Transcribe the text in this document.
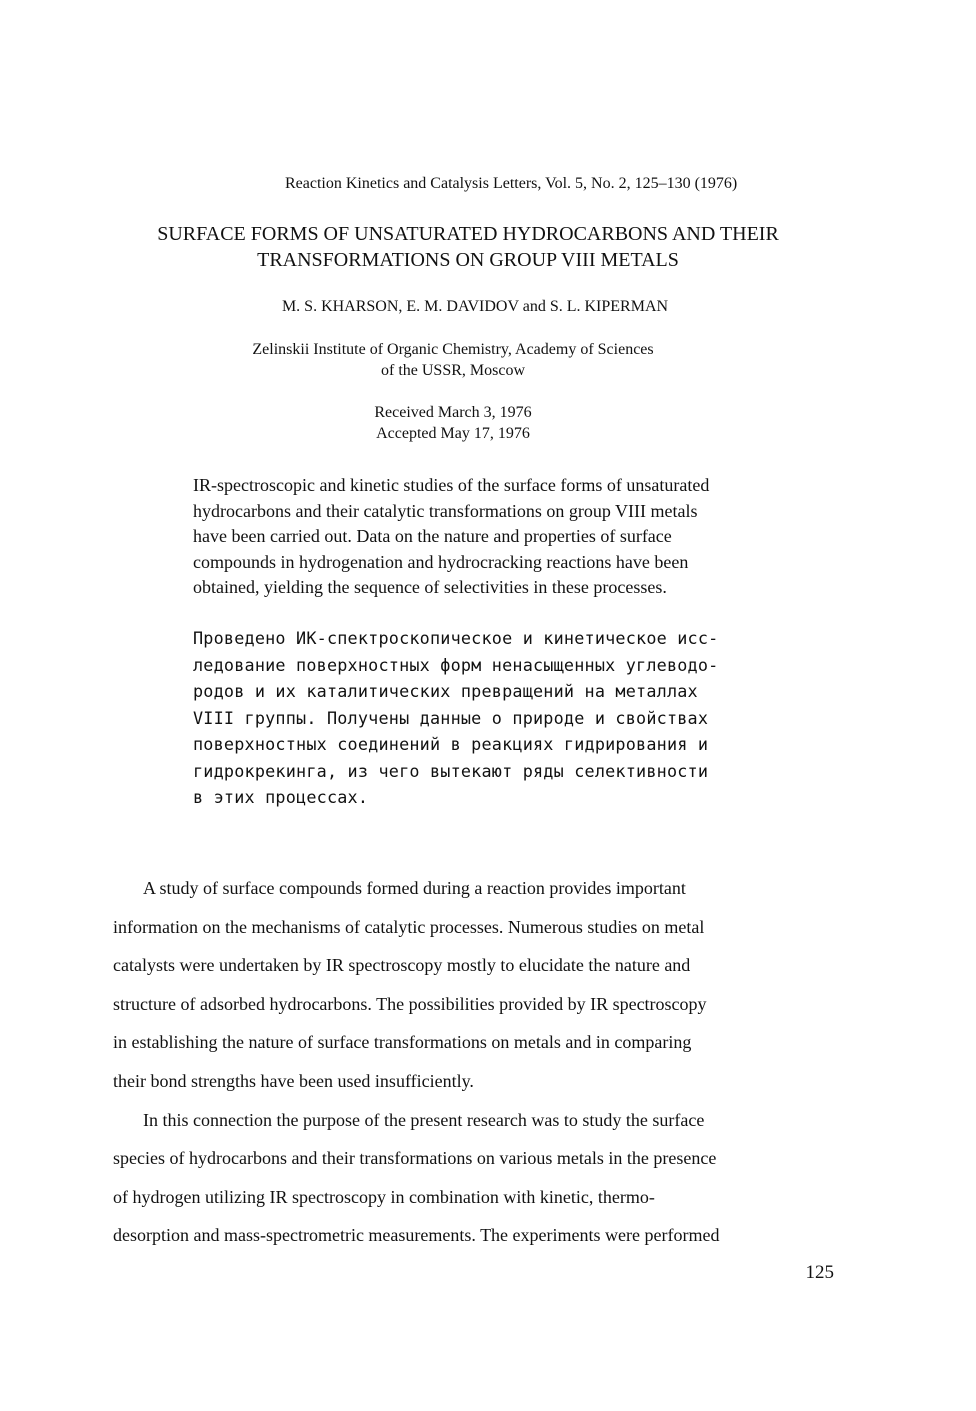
Reaction Kinetics and Catalysis Letters, Vol. 5, No. 2, 125–130 (1976)
SURFACE FORMS OF UNSATURATED HYDROCARBONS AND THEIR
TRANSFORMATIONS ON GROUP VIII METALS
M. S. KHARSON, E. M. DAVIDOV and S. L. KIPERMAN
Zelinskii Institute of Organic Chemistry, Academy of Sciences
of the USSR, Moscow
Received March 3, 1976
Accepted May 17, 1976
IR-spectroscopic and kinetic studies of the surface forms of unsaturated
hydrocarbons and their catalytic transformations on group VIII metals
have been carried out. Data on the nature and properties of surface
compounds in hydrogenation and hydrocracking reactions have been
obtained, yielding the sequence of selectivities in these processes.
Проведено ИК-спектроскопическое и кинетическое исс-
ледование поверхностных форм ненасыщенных углеводо-
родов и их каталитических превращений на металлах
VIII группы. Получены данные о природе и свойствах
поверхностных соединений в реакциях гидрирования и
гидрокрекинга, из чего вытекают ряды селективности
в этих процессах.
A study of surface compounds formed during a reaction provides important
information on the mechanisms of catalytic processes. Numerous studies on metal
catalysts were undertaken by IR spectroscopy mostly to elucidate the nature and
structure of adsorbed hydrocarbons. The possibilities provided by IR spectroscopy
in establishing the nature of surface transformations on metals and in comparing
their bond strengths have been used insufficiently.
In this connection the purpose of the present research was to study the surface
species of hydrocarbons and their transformations on various metals in the presence
of hydrogen utilizing IR spectroscopy in combination with kinetic, thermo-
desorption and mass-spectrometric measurements. The experiments were performed
125
